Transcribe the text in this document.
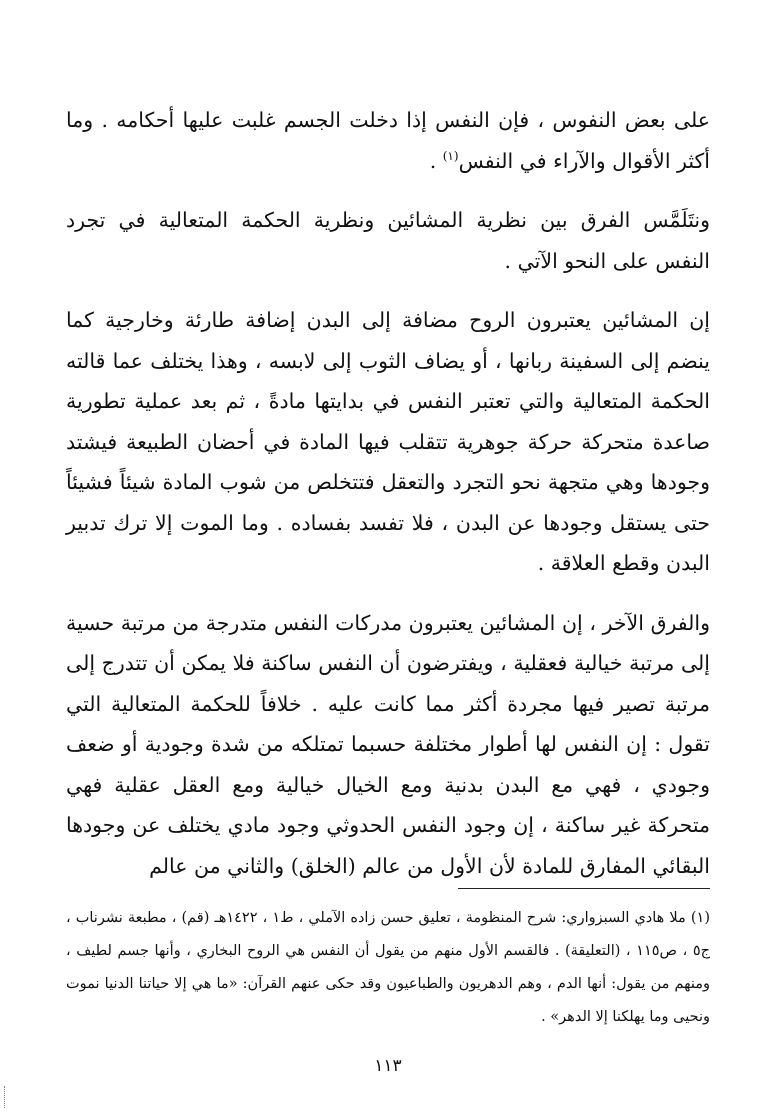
على بعض النفوس ، فإن النفس إذا دخلت الجسم غلبت عليها أحكامه . وما أكثر الأقوال والآراء في النفس$^{(١)}$ .

ونتَلَمَّس الفرق بين نظرية المشائين ونظرية الحكمة المتعالية في تجرد النفس على النحو الآتي .

إن المشائين يعتبرون الروح مضافة إلى البدن إضافة طارئة وخارجية كما ينضم إلى السفينة ربانها ، أو يضاف الثوب إلى لابسه ، وهذا يختلف عما قالته الحكمة المتعالية والتي تعتبر النفس في بدايتها مادةً ، ثم بعد عملية تطورية صاعدة متحركة حركة جوهرية تتقلب فيها المادة في أحضان الطبيعة فيشتد وجودها وهي متجهة نحو التجرد والتعقل فتتخلص من شوب المادة شيئاً فشيئاً حتى يستقل وجودها عن البدن ، فلا تفسد بفساده . وما الموت إلا ترك تدبير البدن وقطع العلاقة .

والفرق الآخر ، إن المشائين يعتبرون مدركات النفس متدرجة من مرتبة حسية إلى مرتبة خيالية فعقلية ، ويفترضون أن النفس ساكنة فلا يمكن أن تتدرج إلى مرتبة تصير فيها مجردة أكثر مما كانت عليه . خلافاً للحكمة المتعالية التي تقول : إن النفس لها أطوار مختلفة حسبما تمتلكه من شدة وجودية أو ضعف وجودي ، فهي مع البدن بدنية ومع الخيال خيالية ومع العقل عقلية فهي متحركة غير ساكنة ، إن وجود النفس الحدوثي وجود مادي يختلف عن وجودها البقائي المفارق للمادة لأن الأول من عالم (الخلق) والثاني من عالم

(١) ملا هادي السبزواري: شرح المنظومة ، تعليق حسن زاده الآملي ، ط١ ، ١٤٢٢هـ (قم) ، مطبعة نشرناب ، ج٥ ، ص١١٥ ، (التعليقة) . فالقسم الأول منهم من يقول أن النفس هي الروح البخاري ، وأنها جسم لطيف ، ومنهم من يقول: أنها الدم ، وهم الدهريون والطباعيون وقد حكى عنهم القرآن: «ما هي إلا حياتنا الدنيا نموت ونحيى وما يهلكنا إلا الدهر» .

١١٣
